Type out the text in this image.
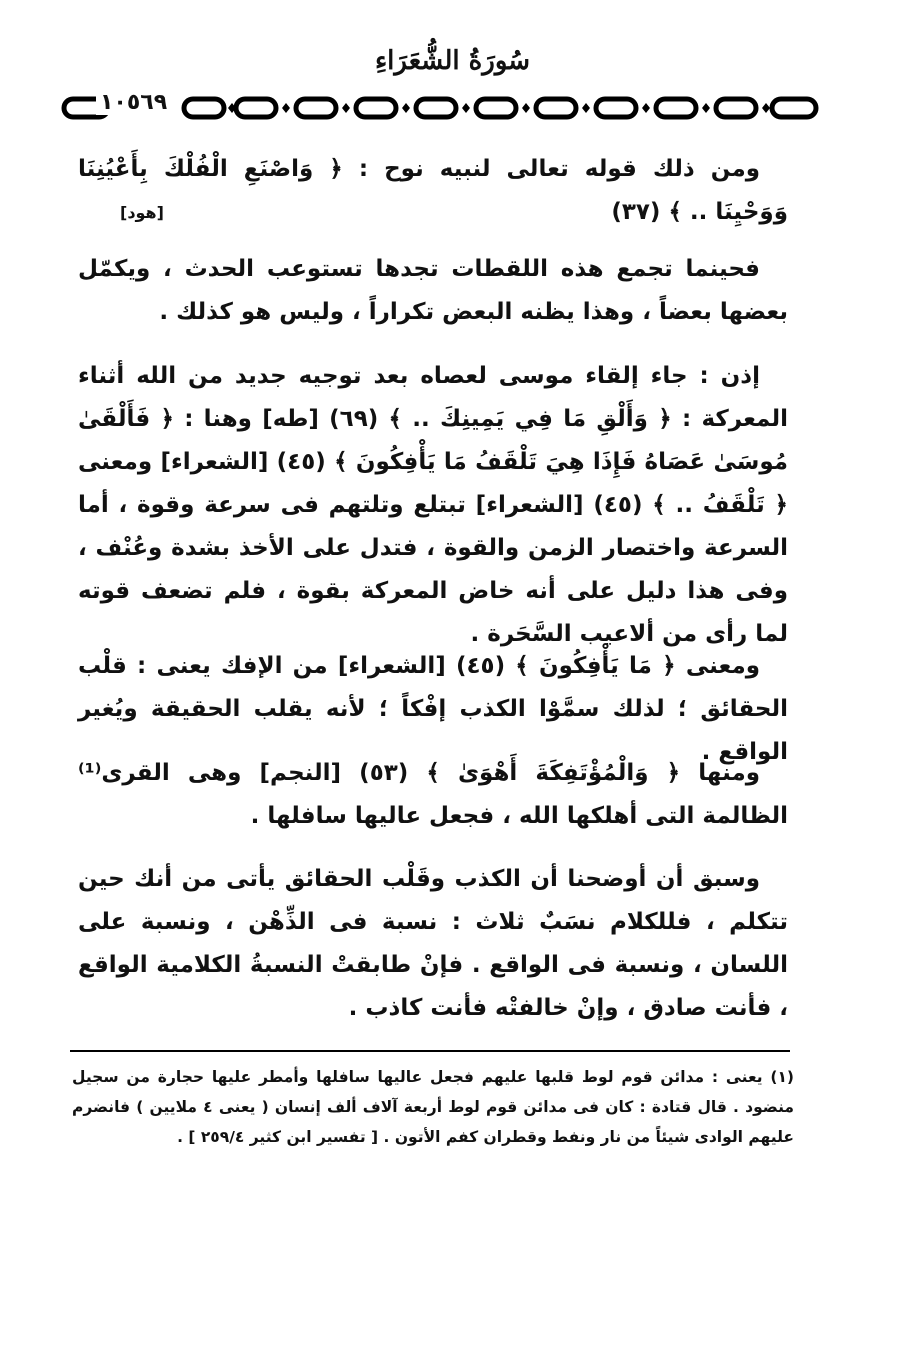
سُورَةُ الشُّعَرَاءِ
١٠٥٦٩

ومن ذلك قوله تعالى لنبيه نوح : ﴿ وَاصْنَعِ الْفُلْكَ بِأَعْيُنِنَا وَوَحْيِنَا .. ﴾ (٣٧)

[هود]

فحينما تجمع هذه اللقطات تجدها تستوعب الحدث ، ويكمّل بعضها بعضاً ، وهذا يظنه البعض تكراراً ، وليس هو كذلك .

إذن : جاء إلقاء موسى لعصاه بعد توجيه جديد من الله أثناء المعركة : ﴿ وَأَلْقِ مَا فِي يَمِينِكَ .. ﴾ (٦٩) [طه] وهنا : ﴿ فَأَلْقَىٰ مُوسَىٰ عَصَاهُ فَإِذَا هِيَ تَلْقَفُ مَا يَأْفِكُونَ ﴾ (٤٥) [الشعراء] ومعنى ﴿ تَلْقَفُ .. ﴾ (٤٥) [الشعراء] تبتلع وتلتهم فى سرعة وقوة ، أما السرعة واختصار الزمن والقوة ، فتدل على الأخذ بشدة وعُنْف ، وفى هذا دليل على أنه خاض المعركة بقوة ، فلم تضعف قوته لما رأى من ألاعيب السَّحَرة .

ومعنى ﴿ مَا يَأْفِكُونَ ﴾ (٤٥) [الشعراء] من الإفك يعنى : قلْب الحقائق ؛ لذلك سمَّوْا الكذب إفْكاً ؛ لأنه يقلب الحقيقة ويُغير الواقع .

ومنها ﴿ وَالْمُؤْتَفِكَةَ أَهْوَىٰ ﴾ (٥٣) [النجم] وهى القرى⁽¹⁾ الظالمة التى أهلكها الله ، فجعل عاليها سافلها .

وسبق أن أوضحنا أن الكذب وقَلْب الحقائق يأتى من أنك حين تتكلم ، فللكلام نسَبٌ ثلاث : نسبة فى الذِّهْن ، ونسبة على اللسان ، ونسبة فى الواقع . فإنْ طابقتْ النسبةُ الكلامية الواقع ، فأنت صادق ، وإنْ خالفتْه فأنت كاذب .

(١) يعنى : مدائن قوم لوط قلبها عليهم فجعل عاليها سافلها وأمطر عليها حجارة من سجيل منضود . قال قتادة : كان فى مدائن قوم لوط أربعة آلاف ألف إنسان ( يعنى ٤ ملايين ) فانضرم عليهم الوادى شيئاً من نار ونفط وقطران كفم الأتون . [ تفسير ابن كثير ٢٥٩/٤ ] .
